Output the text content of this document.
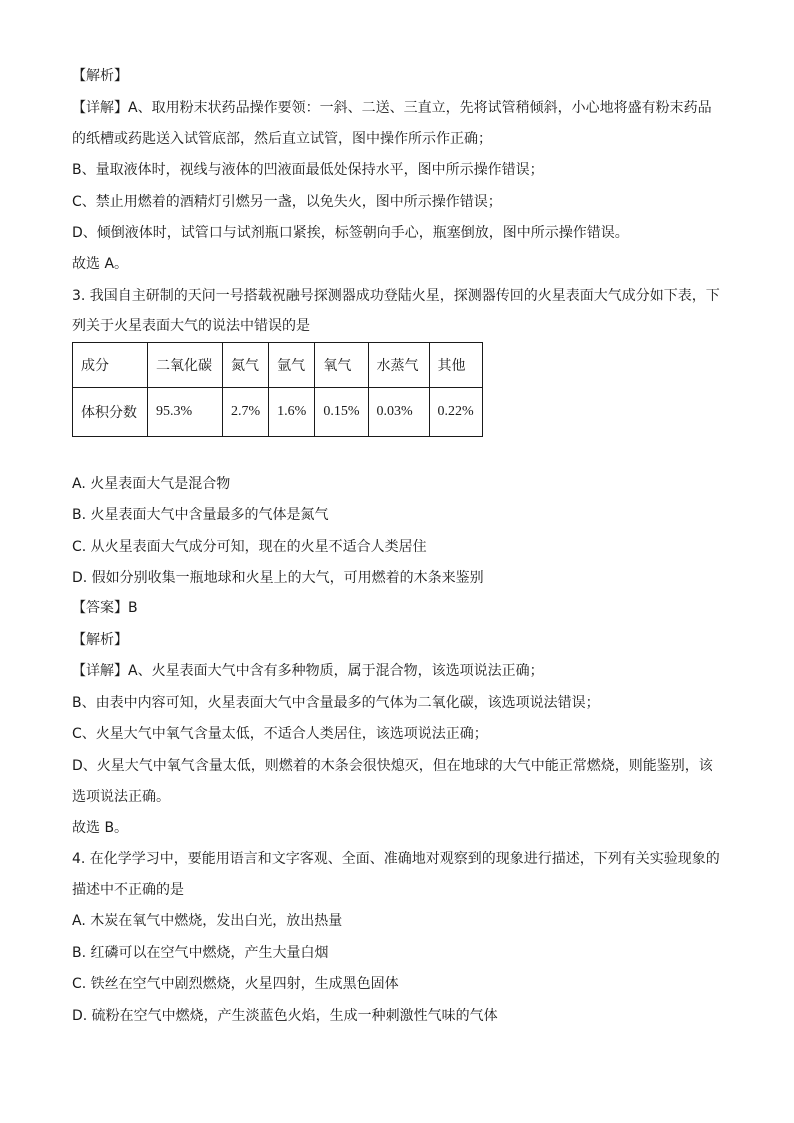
【解析】
【详解】A、取用粉末状药品操作要领：一斜、二送、三直立，先将试管稍倾斜，小心地将盛有粉末药品
的纸槽或药匙送入试管底部，然后直立试管，图中操作所示作正确；
B、量取液体时，视线与液体的凹液面最低处保持水平，图中所示操作错误；
C、禁止用燃着的酒精灯引燃另一盏，以免失火，图中所示操作错误；
D、倾倒液体时，试管口与试剂瓶口紧挨，标签朝向手心，瓶塞倒放，图中所示操作错误。
故选 A。
3. 我国自主研制的天问一号搭载祝融号探测器成功登陆火星，探测器传回的火星表面大气成分如下表，下
列关于火星表面大气的说法中错误的是
成分	二氧化碳	氮气	氩气	氧气	水蒸气	其他
体积分数	95.3%	2.7%	1.6%	0.15%	0.03%	0.22%
A. 火星表面大气是混合物
B. 火星表面大气中含量最多的气体是氮气
C. 从火星表面大气成分可知，现在的火星不适合人类居住
D. 假如分别收集一瓶地球和火星上的大气，可用燃着的木条来鉴别
【答案】B
【解析】
【详解】A、火星表面大气中含有多种物质，属于混合物，该选项说法正确；
B、由表中内容可知，火星表面大气中含量最多的气体为二氧化碳，该选项说法错误；
C、火星大气中氧气含量太低，不适合人类居住，该选项说法正确；
D、火星大气中氧气含量太低，则燃着的木条会很快熄灭，但在地球的大气中能正常燃烧，则能鉴别，该
选项说法正确。
故选 B。
4. 在化学学习中，要能用语言和文字客观、全面、准确地对观察到的现象进行描述，下列有关实验现象的
描述中不正确的是
A. 木炭在氧气中燃烧，发出白光，放出热量
B. 红磷可以在空气中燃烧，产生大量白烟
C. 铁丝在空气中剧烈燃烧，火星四射，生成黑色固体
D. 硫粉在空气中燃烧，产生淡蓝色火焰，生成一种刺激性气味的气体
